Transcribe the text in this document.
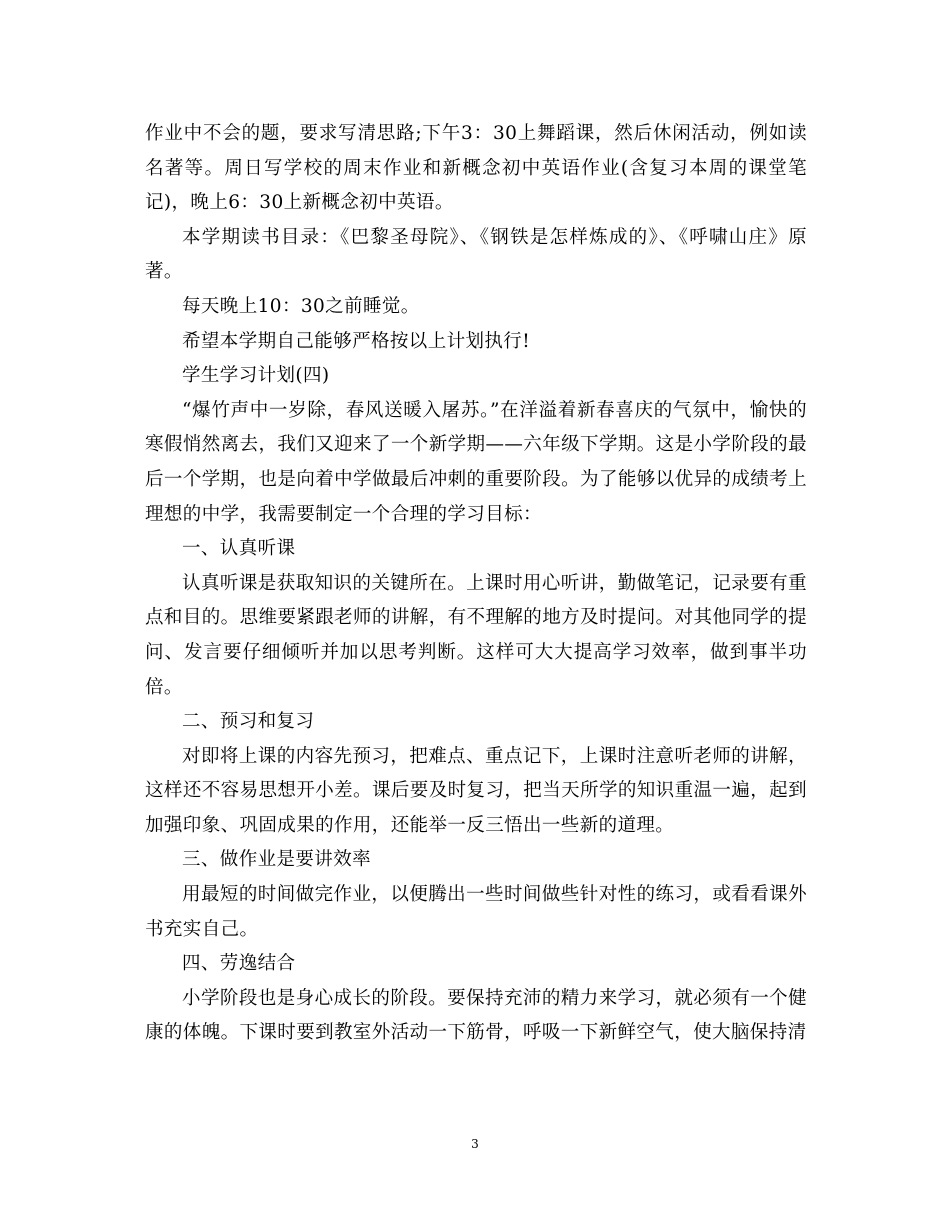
作业中不会的题，要求写清思路;下午3：30上舞蹈课，然后休闲活动，例如读名著等。周日写学校的周末作业和新概念初中英语作业(含复习本周的课堂笔记)，晚上6：30上新概念初中英语。

本学期读书目录：《巴黎圣母院》、《钢铁是怎样炼成的》、《呼啸山庄》原著。

每天晚上10：30之前睡觉。

希望本学期自己能够严格按以上计划执行!

学生学习计划(四)

“爆竹声中一岁除，春风送暖入屠苏。”在洋溢着新春喜庆的气氛中，愉快的寒假悄然离去，我们又迎来了一个新学期——六年级下学期。这是小学阶段的最后一个学期，也是向着中学做最后冲刺的重要阶段。为了能够以优异的成绩考上理想的中学，我需要制定一个合理的学习目标：

一、认真听课

认真听课是获取知识的关键所在。上课时用心听讲，勤做笔记，记录要有重点和目的。思维要紧跟老师的讲解，有不理解的地方及时提问。对其他同学的提问、发言要仔细倾听并加以思考判断。这样可大大提高学习效率，做到事半功倍。

二、预习和复习

对即将上课的内容先预习，把难点、重点记下，上课时注意听老师的讲解，这样还不容易思想开小差。课后要及时复习，把当天所学的知识重温一遍，起到加强印象、巩固成果的作用，还能举一反三悟出一些新的道理。

三、做作业是要讲效率

用最短的时间做完作业，以便腾出一些时间做些针对性的练习，或看看课外书充实自己。

四、劳逸结合

小学阶段也是身心成长的阶段。要保持充沛的精力来学习，就必须有一个健康的体魄。下课时要到教室外活动一下筋骨，呼吸一下新鲜空气，使大脑保持清

3
